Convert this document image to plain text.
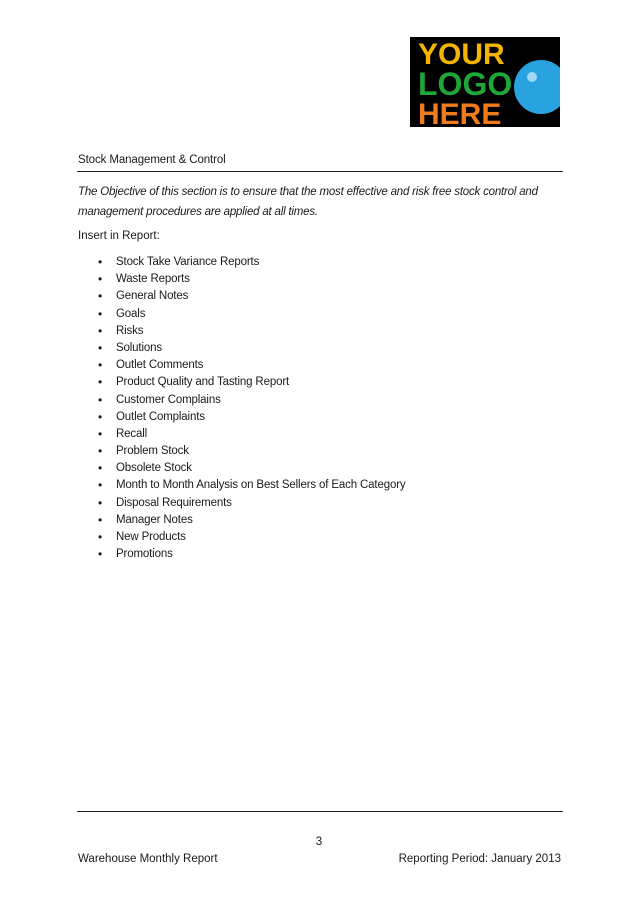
YOUR
LOGO
HERE
Stock Management & Control
The Objective of this section is to ensure that the most effective and risk free stock control and management procedures are applied at all times.
Insert in Report:
• Stock Take Variance Reports
• Waste Reports
• General Notes
• Goals
• Risks
• Solutions
• Outlet Comments
• Product Quality and Tasting Report
• Customer Complains
• Outlet Complaints
• Recall
• Problem Stock
• Obsolete Stock
• Month to Month Analysis on Best Sellers of Each Category
• Disposal Requirements
• Manager Notes
• New Products
• Promotions
3
Warehouse Monthly Report	Reporting Period: January 2013
